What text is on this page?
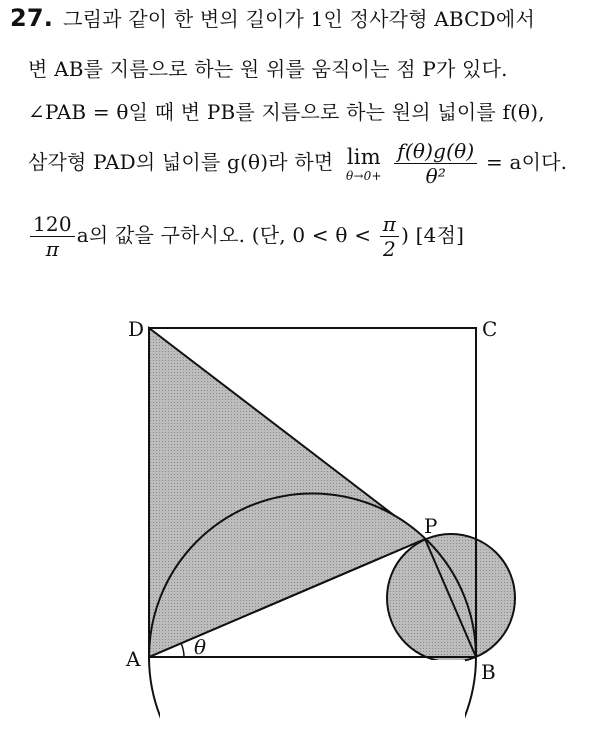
27. 그림과 같이 한 변의 길이가 1인 정사각형 ABCD에서
변 AB를 지름으로 하는 원 위를 움직이는 점 P가 있다.
∠PAB = θ일 때 변 PB를 지름으로 하는 원의 넓이를 f(θ),
삼각형 PAD의 넓이를 g(θ)라 하면 lim
θ→0+
$\frac{f(\theta)g(\theta)}{\text{θ²}} = a$이다.
$\frac{120}{\pi}$ a의 값을 구하시오. (단, $0 < \theta < \frac{\pi}{2}$ ) [4점]
D	C
P
A
B
θ
